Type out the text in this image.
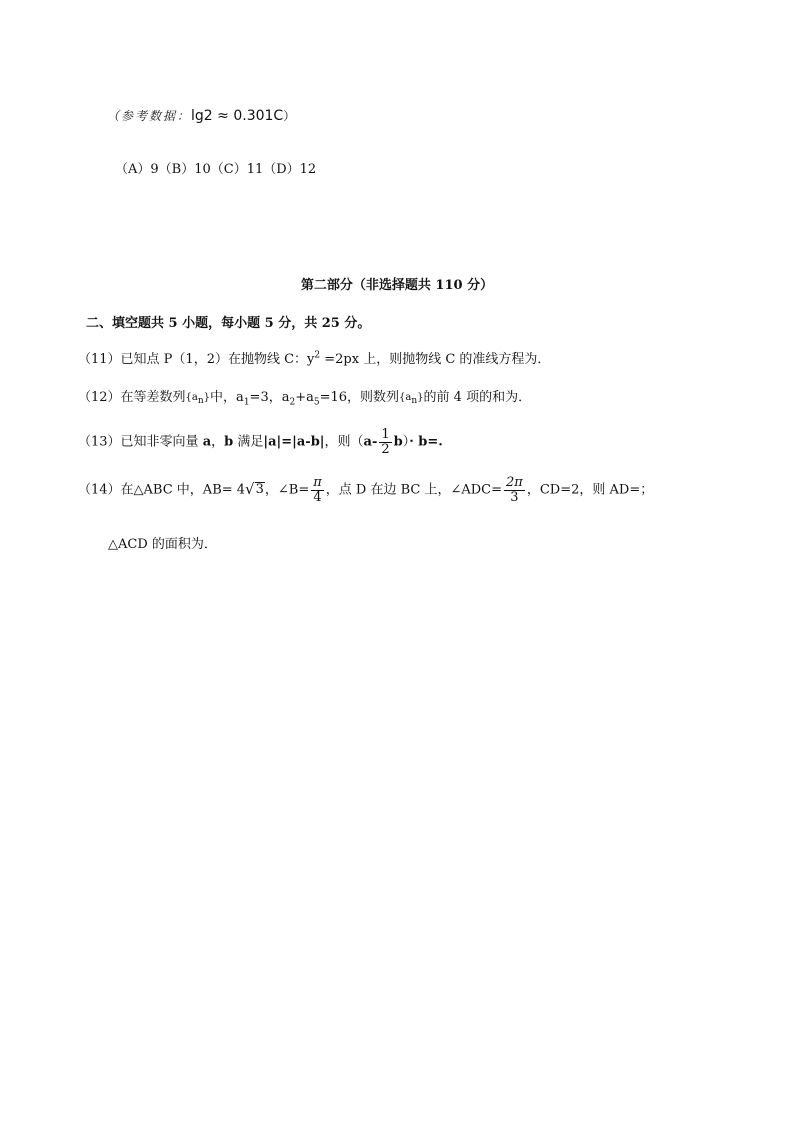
（参考数据：lg2 ≈ 0.301C）
（A）9（B）10（C）11（D）12
第二部分（非选择题共 110 分）
二、填空题共 5 小题，每小题 5 分，共 25 分。
（11）已知点 P（1，2）在抛物线 C：$y^2 =2px$ 上，则抛物线 C 的准线方程为．
（12）在等差数列$\{a_n\}$中，$a_1=3$，$a_2+a_5=16$，则数列$\{a_n\}$的前 4 项的和为．
（13）已知非零向量 a，b 满足|a|=|a-b|，则$(a- \frac{1}{2} b)\cdot b=$.
（14）在△ABC 中，AB= 4 √ 3 ，∠B= $\frac{\pi}{4}$ ，点 D 在边 BC 上，∠ADC= $\frac{2\pi}{3}$ ，CD=2，则 AD=；
△ACD 的面积为．
